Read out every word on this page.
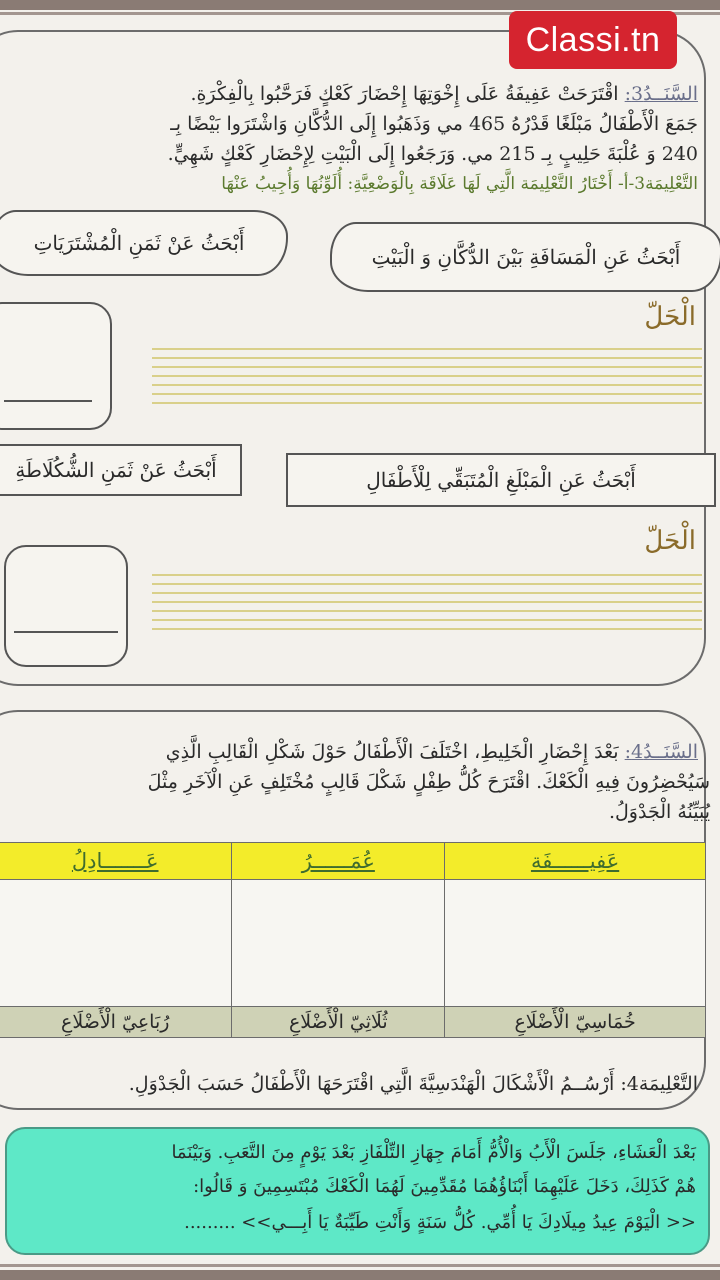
Classi.tn
السَّنَــدُ3: اقْتَرَحَتْ عَفِيفَةُ عَلَى إِخْوَتِهَا إِحْضَارَ كَعْكٍ فَرَحَّبُوا بِالْفِكْرَةِ.
جَمَعَ الْأَطْفَالُ مَبْلَغًا قَدْرُهُ 465 مي وَذَهَبُوا إِلَى الدُّكَّانِ وَاشْتَرَوا بَيْضًا بِـ
240 وَ عُلْبَةَ حَلِيبٍ بِـ 215 مي. وَرَجَعُوا إِلَى الْبَيْتِ لِإِحْضَارِ كَعْكٍ شَهِيٍّ.
التَّعْلِيمَة3-أ- أَخْتَارُ التَّعْلِيمَة الَّتِي لَهَا عَلَاقَة بِالْوَضْعِيَّةِ: أُلَوِّنُهَا وَأُجِيبُ عَنْهَا
أَبْحَثُ عَنْ ثَمَنِ الْمُشْتَرَيَاتِ
أَبْحَثُ عَنِ الْمَسَافَةِ بَيْنَ الدُّكَّانِ وَ الْبَيْتِ
الْحَلّ
أَبْحَثُ عَنْ ثَمَنِ الشُّكُلَاطَةِ	أَبْحَثُ عَنِ الْمَبْلَغِ الْمُتَبَقِّي لِلْأَطْفَالِ
الْحَلّ
السَّنَــدُ4: بَعْدَ إِحْضَارِ الْخَلِيطِ، اخْتَلَفَ الْأَطْفَالُ حَوْلَ شَكْلِ الْقَالِبِ الَّذِي
سَيُحْضِرُونَ فِيهِ الْكَعْكَ. اقْتَرَحَ كُلُّ طِفْلٍ شَكْلَ قَالِبٍ مُخْتَلِفٍ عَنِ الْآخَرِ مِثْلَ
يُبَيِّنُهُ الْجَدْوَلُ.
عَفِيــــــفَة	عُمَــــــرُ	عَـــــــادِلُ

خُمَاسِيّ الْأَضْلَاعِ	ثُلَاثِيّ الْأَضْلَاعِ	رُبَاعِيّ الْأَضْلَاعِ
التَّعْلِيمَة4: أَرْسُــمُ الْأَشْكَالَ الْهَنْدَسِيَّةَ الَّتِي اقْتَرَحَهَا الْأَطْفَالُ حَسَبَ الْجَدْوَلِ.
بَعْدَ الْعَشَاءِ، جَلَسَ الْأَبُ وَالْأُمُّ أَمَامَ جِهَازِ التِّلْفَازِ بَعْدَ يَوْمٍ مِنَ التَّعَبِ. وَبَيْنَمَا
هُمْ كَذَلِكَ، دَخَلَ عَلَيْهِمَا أَبْنَاؤُهُمَا مُقَدِّمِينَ لَهُمَا الْكَعْكَ مُبْتَسِمِينَ وَ قَالُوا:
<< الْيَوْمَ عِيدُ مِيلَادِكَ يَا أُمِّي. كُلُّ سَنَةٍ وَأَنْتِ طَيِّبَةٌ يَا أَبِـــي>> .........
